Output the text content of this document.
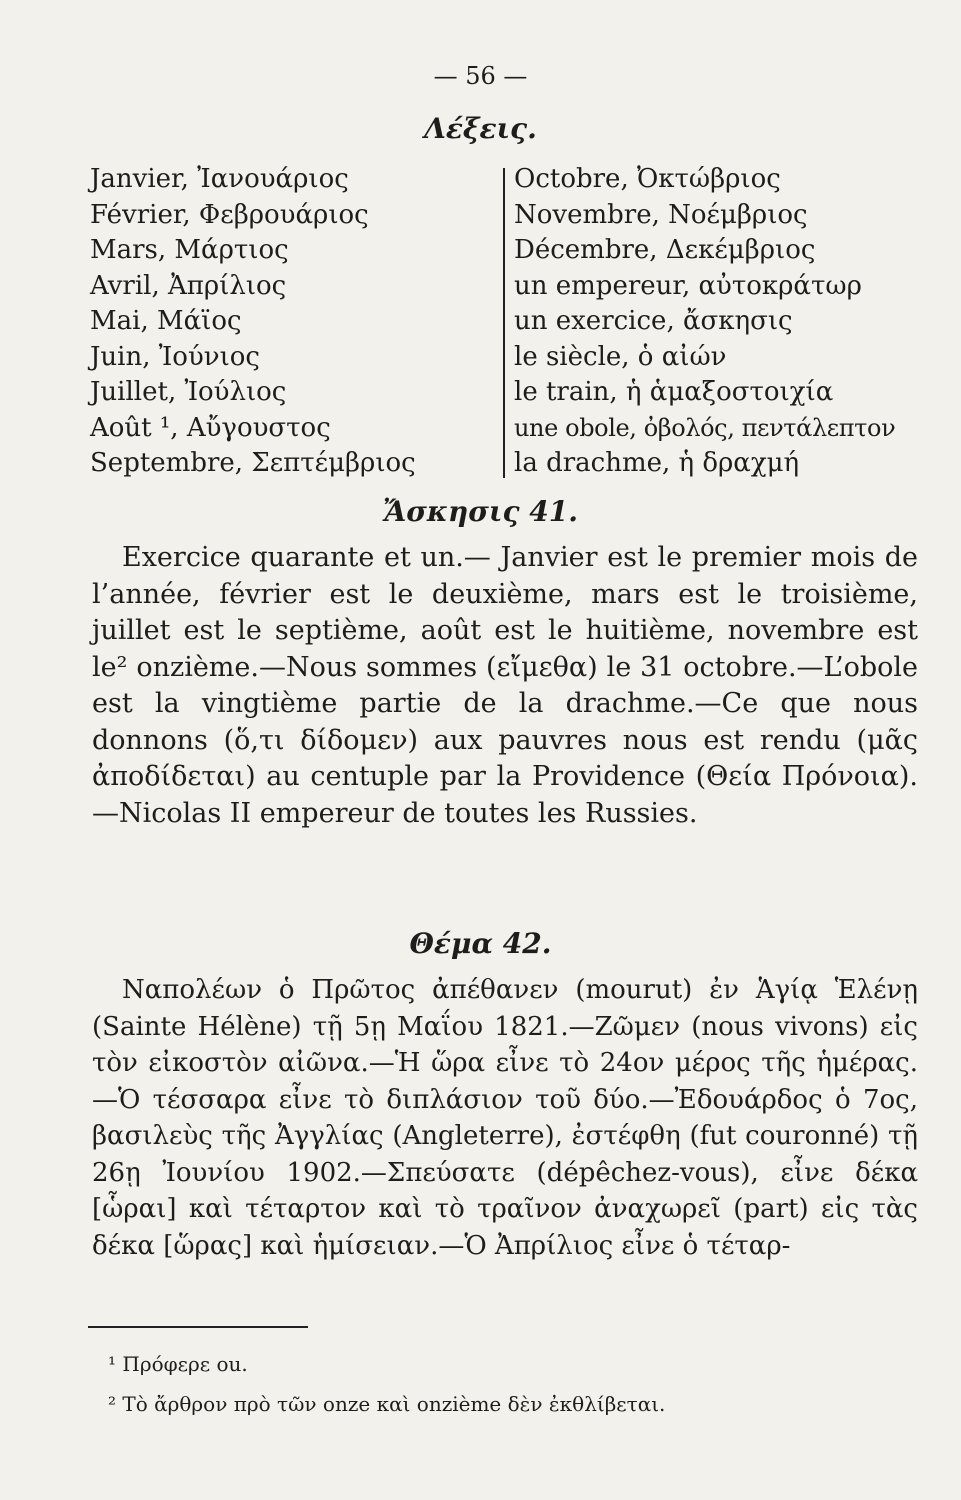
— 56 —
Λέξεις.
Janvier, Ἰανουάριος
Février, Φεβρουάριος
Mars, Μάρτιος
Avril, Ἀπρίλιος
Mai, Μάϊος
Juin, Ἰούνιος
Juillet, Ἰούλιος
Août ¹, Αὔγουστος
Septembre, Σεπτέμβριος
Octobre, Ὀκτώβριος
Novembre, Νοέμβριος
Décembre, Δεκέμβριος
un empereur, αὐτοκράτωρ
un exercice, ἄσκησις
le siècle, ὁ αἰών
le train, ἡ ἁμαξοστοιχία
une obole, ὀβολός, πεντάλεπτον
la drachme, ἡ δραχμή
Ἄσκησις 41.

Exercice quarante et un.— Janvier est le premier mois de l’année, février est le deuxième, mars est le troisième, juillet est le septième, août est le huitième, novembre est le² onzième.—Nous sommes (εἴμεθα) le 31 octobre.—L’obole est la vingtième partie de la drachme.—Ce que nous donnons (ὅ,τι δίδομεν) aux pauvres nous est rendu (μᾶς ἀποδίδεται) au centuple par la Providence (Θεία Πρόνοια).—Nicolas II empereur de toutes les Russies.

Θέμα 42.

Ναπολέων ὁ Πρῶτος ἀπέθανεν (mourut) ἐν Ἁγίᾳ Ἑλένῃ (Sainte Hélène) τῇ 5ῃ Μαΐου 1821.—Ζῶμεν (nous vivons) εἰς τὸν εἰκοστὸν αἰῶνα.—Ἡ ὥρα εἶνε τὸ 24ον μέρος τῆς ἡμέρας.—Ὁ τέσσαρα εἶνε τὸ διπλάσιον τοῦ δύο.—Ἐδουάρδος ὁ 7ος, βασιλεὺς τῆς Ἀγγλίας (Angleterre), ἐστέφθη (fut couronné) τῇ 26ῃ Ἰουνίου 1902.—Σπεύσατε (dépêchez-vous), εἶνε δέκα [ὧραι] καὶ τέταρτον καὶ τὸ τραῖνον ἀναχωρεῖ (part) εἰς τὰς δέκα [ὥρας] καὶ ἡμίσειαν.—Ὁ Ἀπρίλιος εἶνε ὁ τέταρ-

¹ Πρόφερε ou.
² Τὸ ἄρθρον πρὸ τῶν onze καὶ onzième δὲν ἐκθλίβεται.
